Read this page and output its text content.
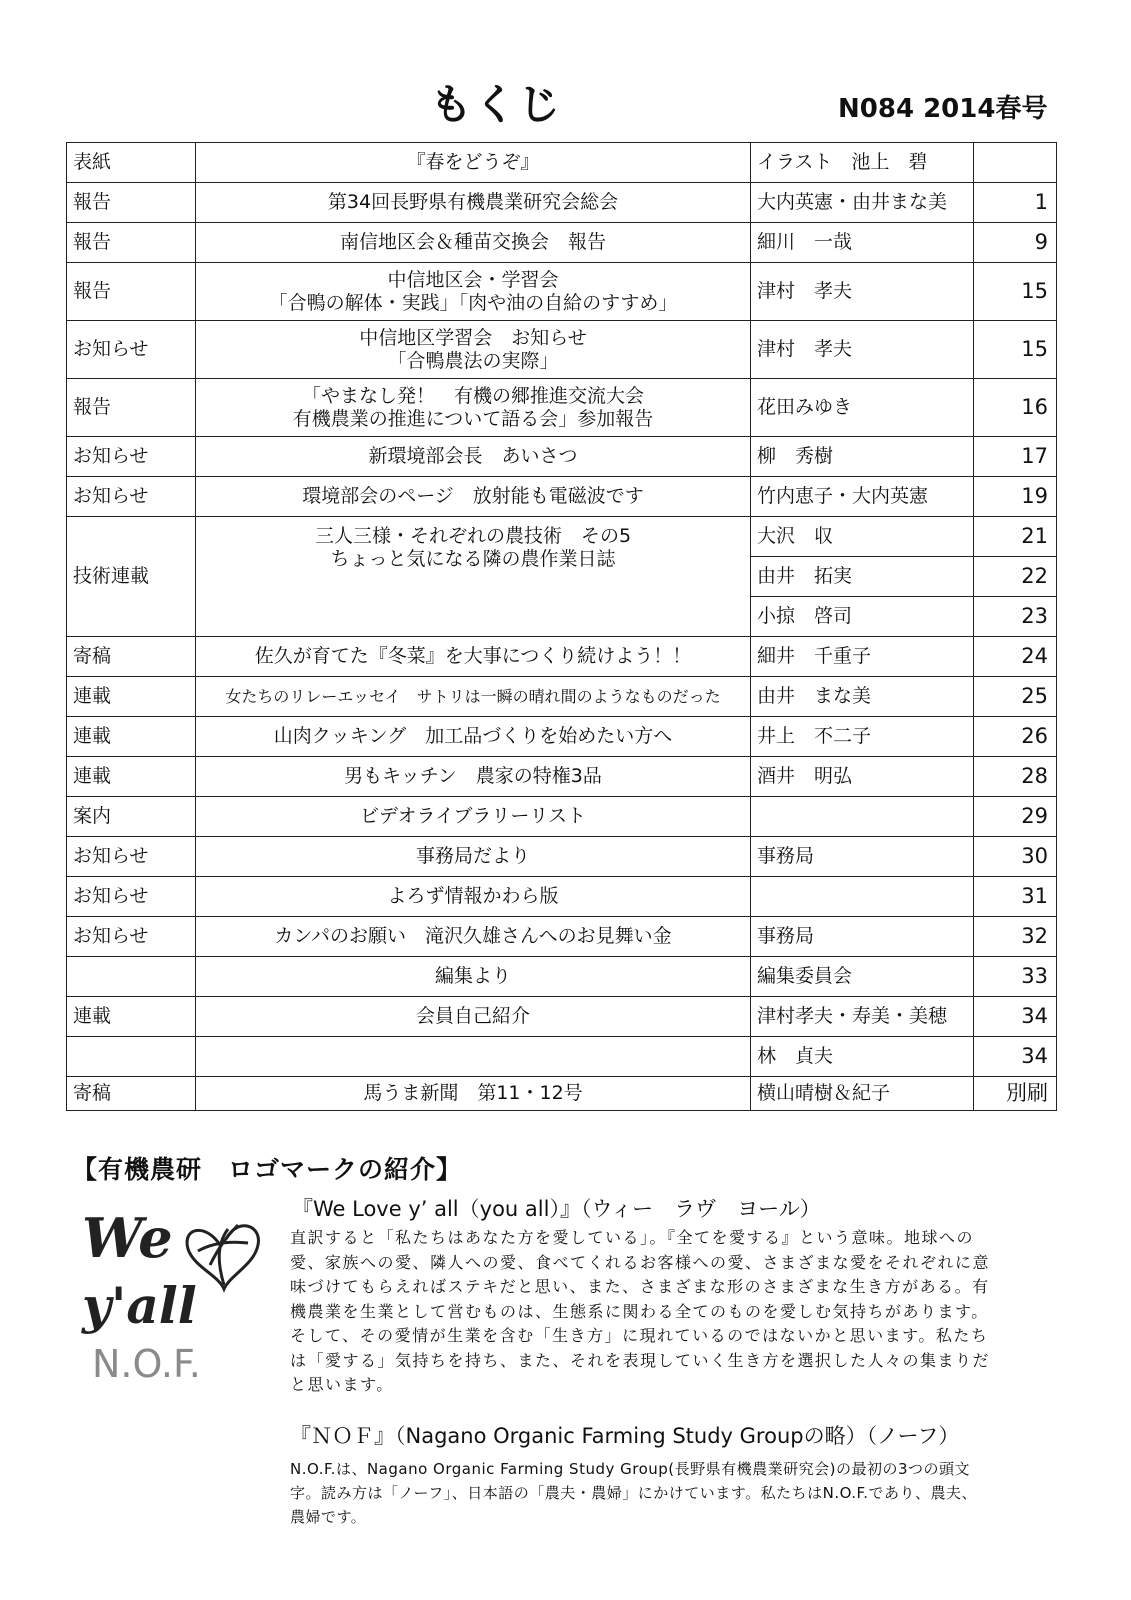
もくじ	N084 2014春号
表紙	『春をどうぞ』	イラスト　池上　碧	
報告	第34回長野県有機農業研究会総会	大内英憲・由井まな美	1
報告	南信地区会＆種苗交換会　報告	細川　一哉	9
報告	中信地区会・学習会
「合鴨の解体・実践」「肉や油の自給のすすめ」	津村　孝夫	15
お知らせ	中信地区学習会　お知らせ
「合鴨農法の実際」	津村　孝夫	15
報告	「やまなし発！　有機の郷推進交流大会
有機農業の推進について語る会」参加報告	花田みゆき	16
お知らせ	新環境部会長　あいさつ	柳　秀樹	17
お知らせ	環境部会のページ　放射能も電磁波です	竹内恵子・大内英憲	19
技術連載	三人三様・それぞれの農技術　その5
ちょっと気になる隣の農作業日誌	大沢　収	21
		由井　拓実	22
		小掠　啓司	23
寄稿	佐久が育てた『冬菜』を大事につくり続けよう！！	細井　千重子	24
連載	女たちのリレーエッセイ　サトリは一瞬の晴れ間のようなものだった	由井　まな美	25
連載	山肉クッキング　加工品づくりを始めたい方へ	井上　不二子	26
連載	男もキッチン　農家の特権3品	酒井　明弘	28
案内	ビデオライブラリーリスト		29
お知らせ	事務局だより	事務局	30
お知らせ	よろず情報かわら版		31
お知らせ	カンパのお願い　滝沢久雄さんへのお見舞い金	事務局	32

	編集より	編集委員会	33
連載	会員自己紹介	津村孝夫・寿美・美穂	34
		林　貞夫	34
寄稿	馬うま新聞　第11・12号	横山晴樹＆紀子	別刷
【有機農研　ロゴマークの紹介】
We
y'all
N.O.F.
『We Love y’ all（you all）』（ウィー　ラヴ　ヨール）
直訳すると「私たちはあなた方を愛している」。『全てを愛する』という意味。地球への愛、家族への愛、隣人への愛、食べてくれるお客様への愛、さまざまな愛をそれぞれに意味づけてもらえればステキだと思い、また、さまざまな形のさまざまな生き方がある。有機農業を生業として営むものは、生態系に関わる全てのものを愛しむ気持ちがあります。そして、その愛情が生業を含む「生き方」に現れているのではないかと思います。私たちは「愛する」気持ちを持ち、また、それを表現していく生き方を選択した人々の集まりだと思います。
『ＮＯＦ』（Nagano Organic Farming Study Groupの略）（ノーフ）
N.O.F.は、Nagano Organic Farming Study Group(長野県有機農業研究会)の最初の3つの頭文字。読み方は「ノーフ」、日本語の「農夫・農婦」にかけています。私たちはN.O.F.であり、農夫、農婦です。
